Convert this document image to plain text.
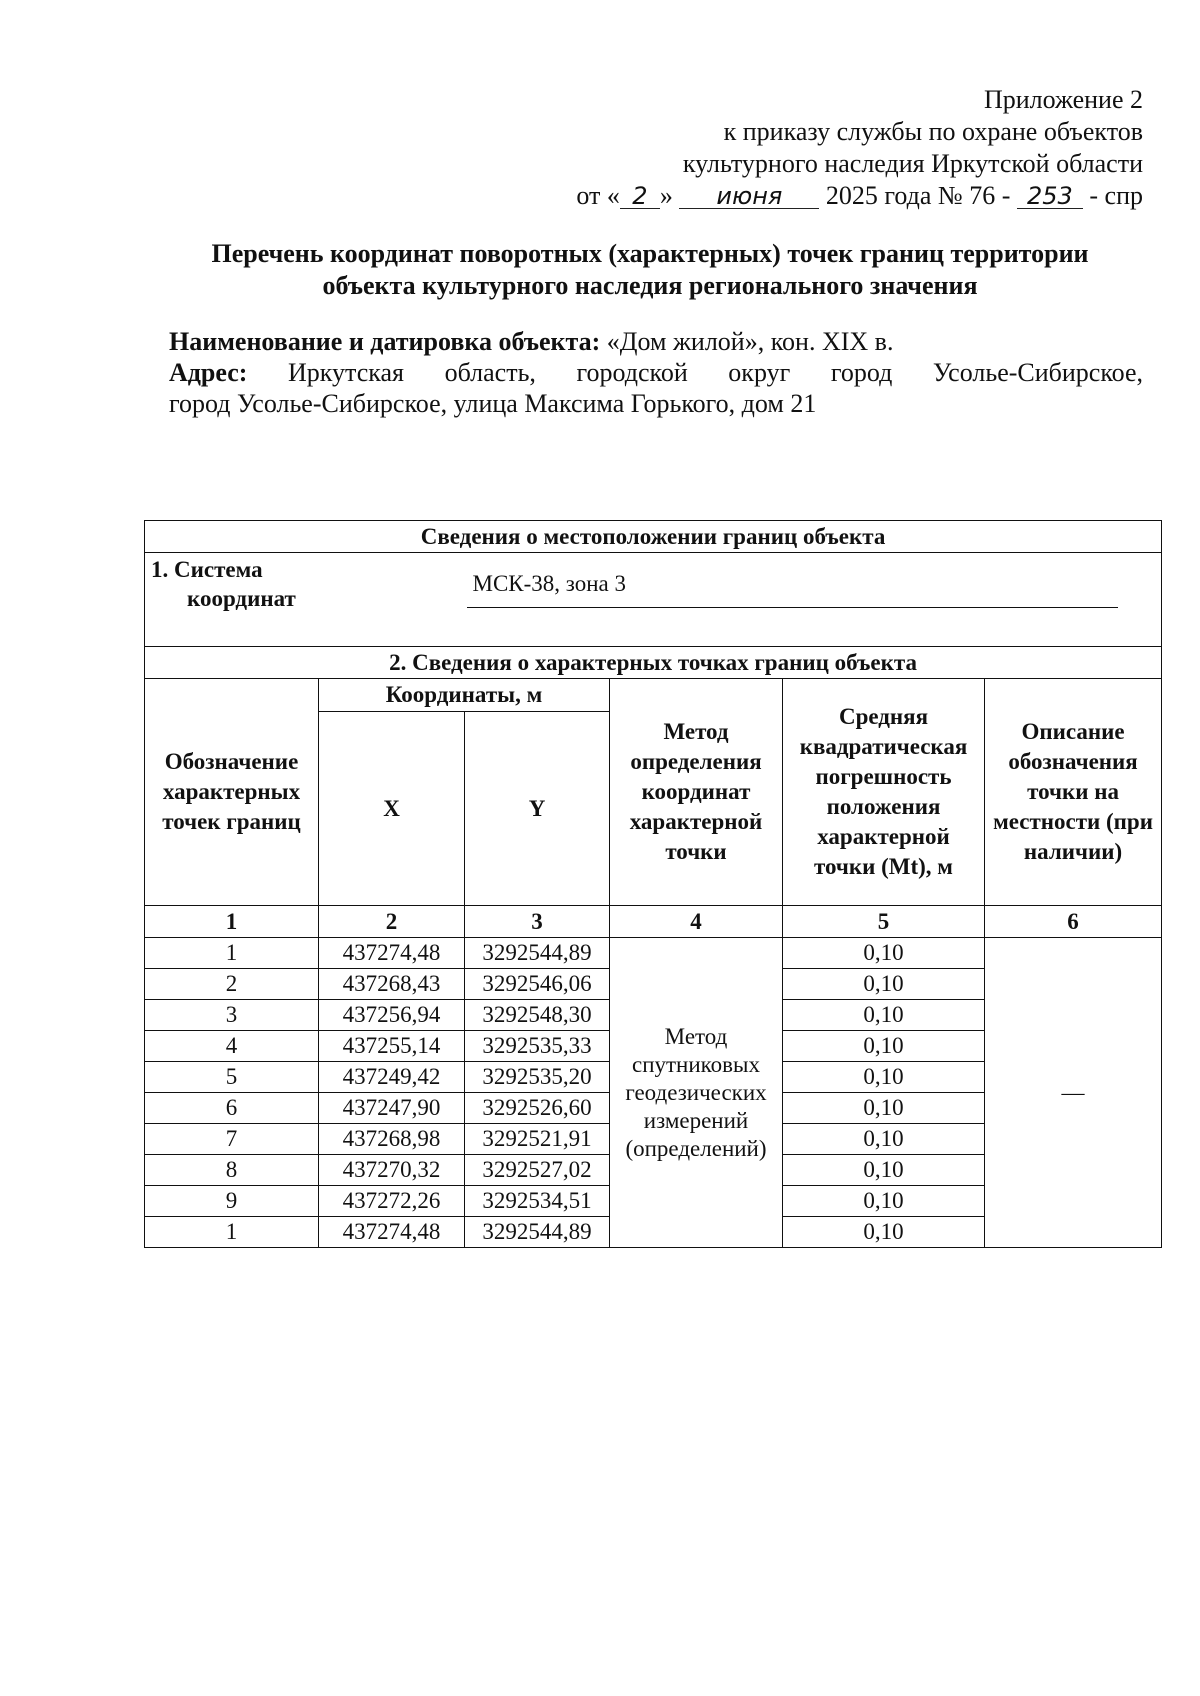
Приложение 2
к приказу службы по охране объектов
культурного наследия Иркутской области
от « 2 » июня 2025 года № 76 - 253 - спр
Перечень координат поворотных (характерных) точек границ территории
объекта культурного наследия регионального значения
Наименование и датировка объекта: «Дом жилой», кон. XIX в.
Адрес: Иркутская область, городской округ город Усолье-Сибирское,
город Усолье-Сибирское, улица Максима Горького, дом 21
Сведения о местоположении границ объекта					

1. Система
координат		МСК-38, зона 3			
2. Сведения о характерных точках границ объекта					
Обозначение характерных точек границ	Координаты, м		Метод определения координат характерной точки	Средняя квадратическая погрешность положения характерной точки (Mt), м	Описание обозначения точки на местности (при наличии)
	X	Y			
1	2	3	4	5	6
1	437274,48	3292544,89	Метод спутниковых геодезических измерений (определений)	0,10	—
2	437268,43	3292546,06		0,10	
3	437256,94	3292548,30		0,10	
4	437255,14	3292535,33		0,10	
5	437249,42	3292535,20		0,10	
6	437247,90	3292526,60		0,10	
7	437268,98	3292521,91		0,10	
8	437270,32	3292527,02		0,10	
9	437272,26	3292534,51		0,10	
1	437274,48	3292544,89		0,10	
